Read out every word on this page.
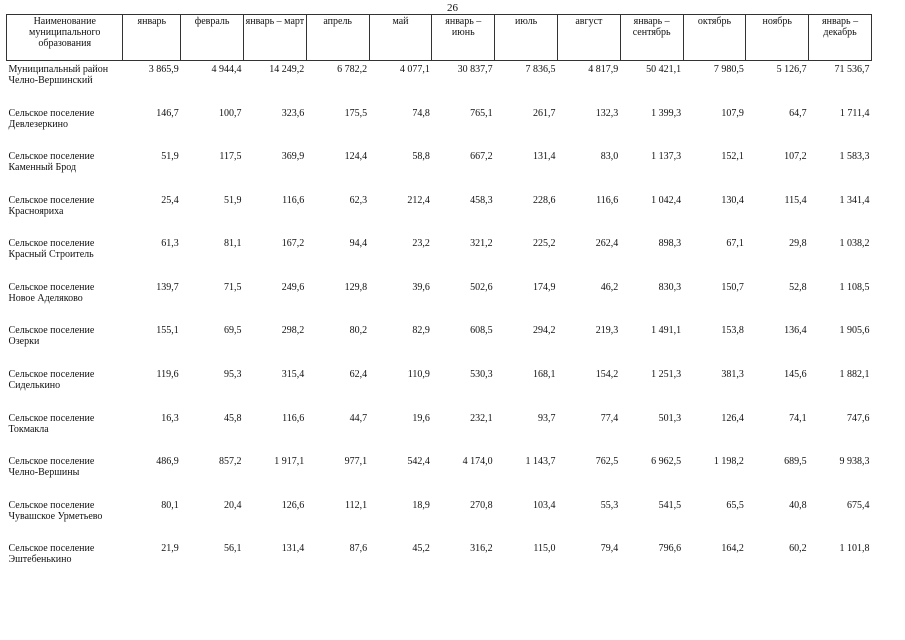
26
Наименование муниципального образования	январь	февраль	январь – март	апрель	май	январь – июнь	июль	август	январь – сентябрь	октябрь	ноябрь	январь – декабрь

Муниципальный район
Челно-Вершинский	3 865,9	4 944,4	14 249,2	6 782,2	4 077,1	30 837,7	7 836,5	4 817,9	50 421,1	7 980,5	5 126,7	71 536,7

Сельское поселение
Девлезеркино	146,7	100,7	323,6	175,5	74,8	765,1	261,7	132,3	1 399,3	107,9	64,7	1 711,4

Сельское поселение
Каменный Брод	51,9	117,5	369,9	124,4	58,8	667,2	131,4	83,0	1 137,3	152,1	107,2	1 583,3

Сельское поселение
Краснояриха	25,4	51,9	116,6	62,3	212,4	458,3	228,6	116,6	1 042,4	130,4	115,4	1 341,4

Сельское поселение
Красный Строитель	61,3	81,1	167,2	94,4	23,2	321,2	225,2	262,4	898,3	67,1	29,8	1 038,2

Сельское поселение
Новое Аделяково	139,7	71,5	249,6	129,8	39,6	502,6	174,9	46,2	830,3	150,7	52,8	1 108,5

Сельское поселение
Озерки	155,1	69,5	298,2	80,2	82,9	608,5	294,2	219,3	1 491,1	153,8	136,4	1 905,6

Сельское поселение
Сиделькино	119,6	95,3	315,4	62,4	110,9	530,3	168,1	154,2	1 251,3	381,3	145,6	1 882,1

Сельское поселение
Токмакла	16,3	45,8	116,6	44,7	19,6	232,1	93,7	77,4	501,3	126,4	74,1	747,6

Сельское поселение
Челно-Вершины	486,9	857,2	1 917,1	977,1	542,4	4 174,0	1 143,7	762,5	6 962,5	1 198,2	689,5	9 938,3

Сельское поселение
Чувашское Урметьево	80,1	20,4	126,6	112,1	18,9	270,8	103,4	55,3	541,5	65,5	40,8	675,4

Сельское поселение
Эштебенькино	21,9	56,1	131,4	87,6	45,2	316,2	115,0	79,4	796,6	164,2	60,2	1 101,8
